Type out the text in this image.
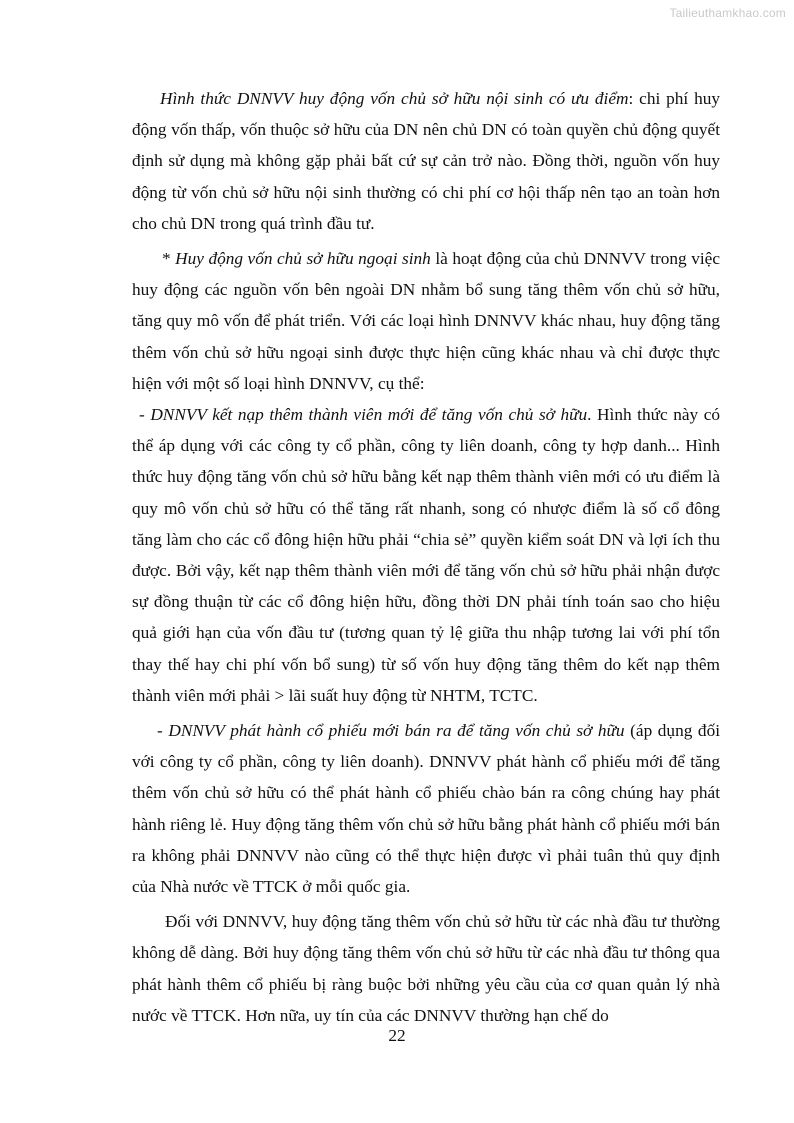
Tailieuthamkhao.com

Hình thức DNNVV huy động vốn chủ sở hữu nội sinh có ưu điểm: chi phí huy động vốn thấp, vốn thuộc sở hữu của DN nên chủ DN có toàn quyền chủ động quyết định sử dụng mà không gặp phải bất cứ sự cản trở nào. Đồng thời, nguồn vốn huy động từ vốn chủ sở hữu nội sinh thường có chi phí cơ hội thấp nên tạo an toàn hơn cho chủ DN trong quá trình đầu tư.

* Huy động vốn chủ sở hữu ngoại sinh là hoạt động của chủ DNNVV trong việc huy động các nguồn vốn bên ngoài DN nhằm bổ sung tăng thêm vốn chủ sở hữu, tăng quy mô vốn để phát triển. Với các loại hình DNNVV khác nhau, huy động tăng thêm vốn chủ sở hữu ngoại sinh được thực hiện cũng khác nhau và chỉ được thực hiện với một số loại hình DNNVV, cụ thể:

- DNNVV kết nạp thêm thành viên mới để tăng vốn chủ sở hữu. Hình thức này có thể áp dụng với các công ty cổ phần, công ty liên doanh, công ty hợp danh... Hình thức huy động tăng vốn chủ sở hữu bằng kết nạp thêm thành viên mới có ưu điểm là quy mô vốn chủ sở hữu có thể tăng rất nhanh, song có nhược điểm là số cổ đông tăng làm cho các cổ đông hiện hữu phải “chia sẻ” quyền kiểm soát DN và lợi ích thu được. Bởi vậy, kết nạp thêm thành viên mới để tăng vốn chủ sở hữu phải nhận được sự đồng thuận từ các cổ đông hiện hữu, đồng thời DN phải tính toán sao cho hiệu quả giới hạn của vốn đầu tư (tương quan tỷ lệ giữa thu nhập tương lai với phí tổn thay thế hay chi phí vốn bổ sung) từ số vốn huy động tăng thêm do kết nạp thêm thành viên mới phải > lãi suất huy động từ NHTM, TCTC.

- DNNVV phát hành cổ phiếu mới bán ra để tăng vốn chủ sở hữu (áp dụng đối với công ty cổ phần, công ty liên doanh). DNNVV phát hành cổ phiếu mới để tăng thêm vốn chủ sở hữu có thể phát hành cổ phiếu chào bán ra công chúng hay phát hành riêng lẻ. Huy động tăng thêm vốn chủ sở hữu bằng phát hành cổ phiếu mới bán ra không phải DNNVV nào cũng có thể thực hiện được vì phải tuân thủ quy định của Nhà nước về TTCK ở mỗi quốc gia.

Đối với DNNVV, huy động tăng thêm vốn chủ sở hữu từ các nhà đầu tư thường không dễ dàng. Bởi huy động tăng thêm vốn chủ sở hữu từ các nhà đầu tư thông qua phát hành thêm cổ phiếu bị ràng buộc bởi những yêu cầu của cơ quan quản lý nhà nước về TTCK. Hơn nữa, uy tín của các DNNVV thường hạn chế do

22
